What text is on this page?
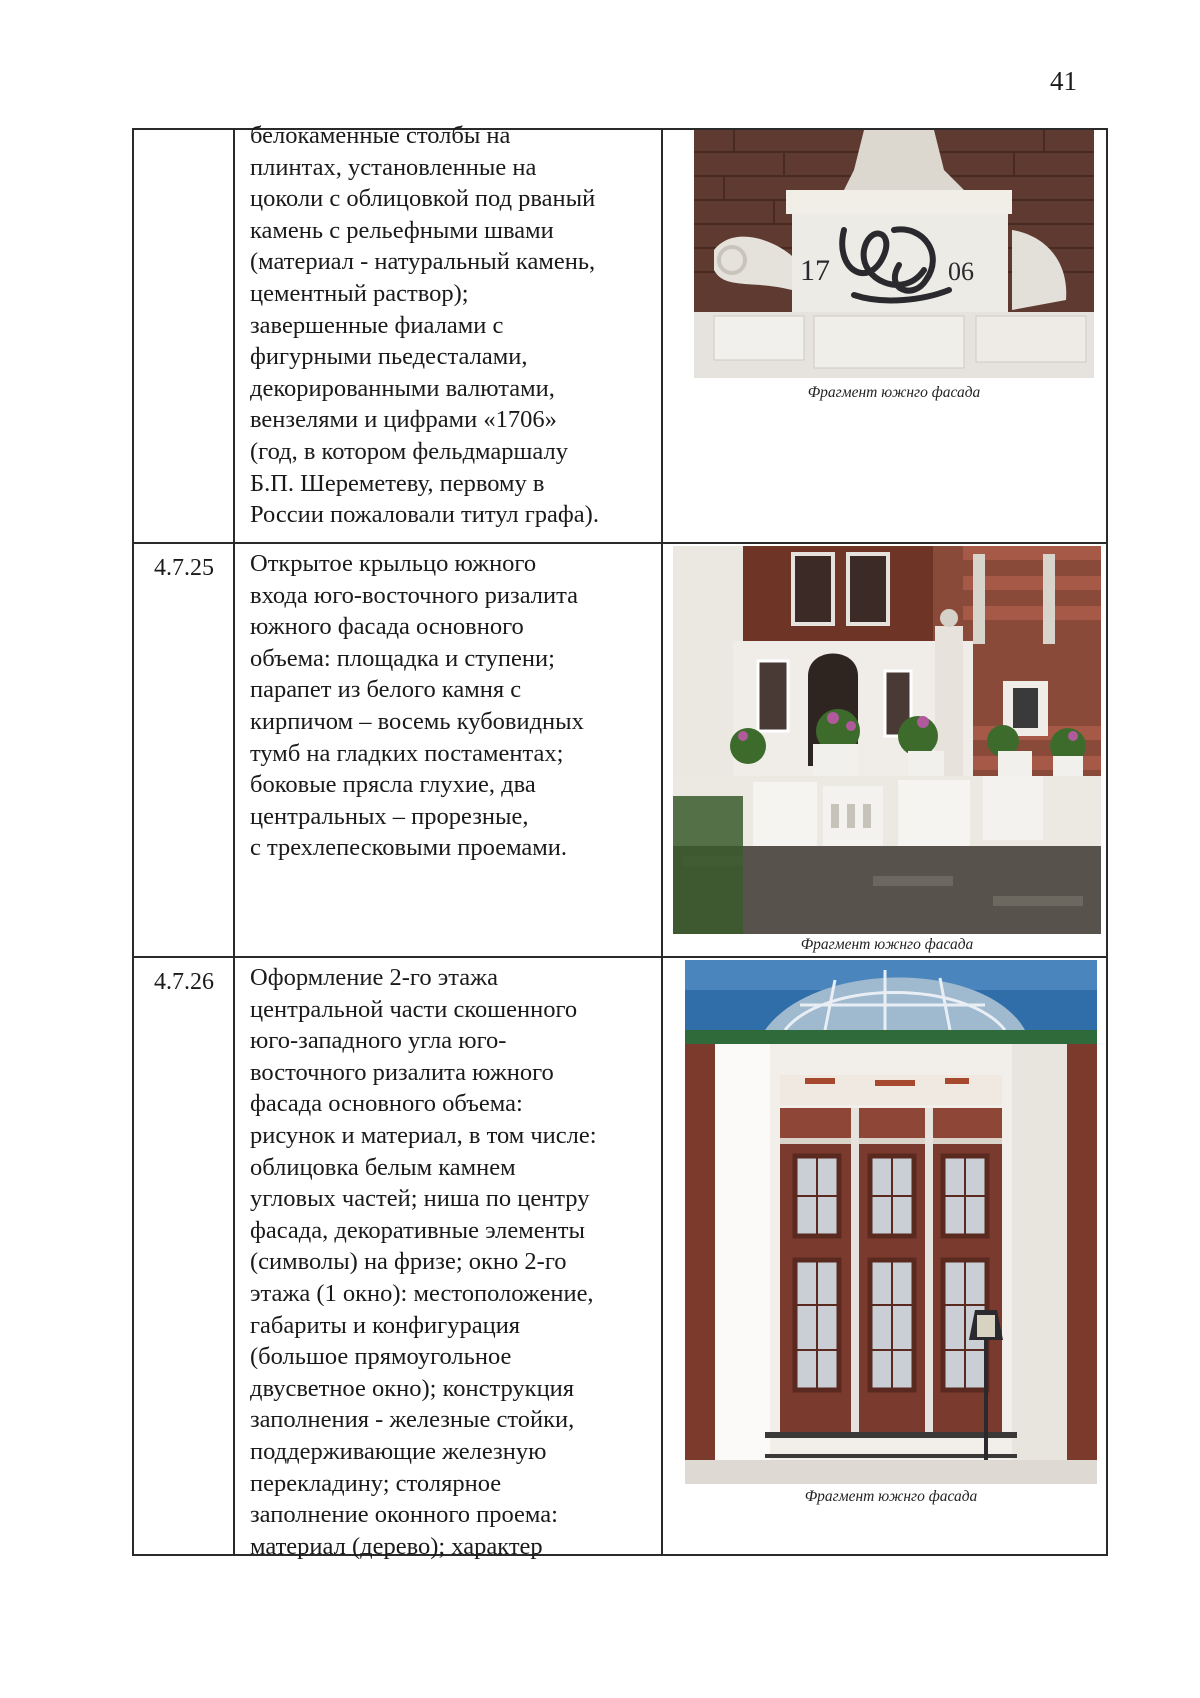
41
белокаменные столбы на
плинтах, установленные на
цоколи с облицовкой под рваный
камень с рельефными швами
(материал - натуральный камень,
цементный раствор);
завершенные фиалами с
фигурными пьедесталами,
декорированными валютами,
вензелями и цифрами «1706»
(год, в котором фельдмаршалу
Б.П. Шереметеву, первому в
России пожаловали титул графа).
17	06
Фрагмент южнго фасада
4.7.25 Открытое крыльцо южного
входа юго-восточного ризалита
южного фасада основного
объема: площадка и ступени;
парапет из белого камня с
кирпичом – восемь кубовидных
тумб на гладких постаментах;
боковые прясла глухие, два
центральных – прорезные,
с трехлепесковыми проемами.
Фрагмент южнго фасада
4.7.26 Оформление 2-го этажа
центральной части скошенного
юго-западного угла юго-
восточного ризалита южного
фасада основного объема:
рисунок и материал, в том числе:
облицовка белым камнем
угловых частей; ниша по центру
фасада, декоративные элементы
(символы) на фризе; окно 2-го
этажа (1 окно): местоположение,
габариты и конфигурация
(большое прямоугольное
двусветное окно); конструкция
заполнения - железные стойки,
поддерживающие железную
перекладину; столярное
заполнение оконного проема:
материал (дерево); характер
Фрагмент южнго фасада
